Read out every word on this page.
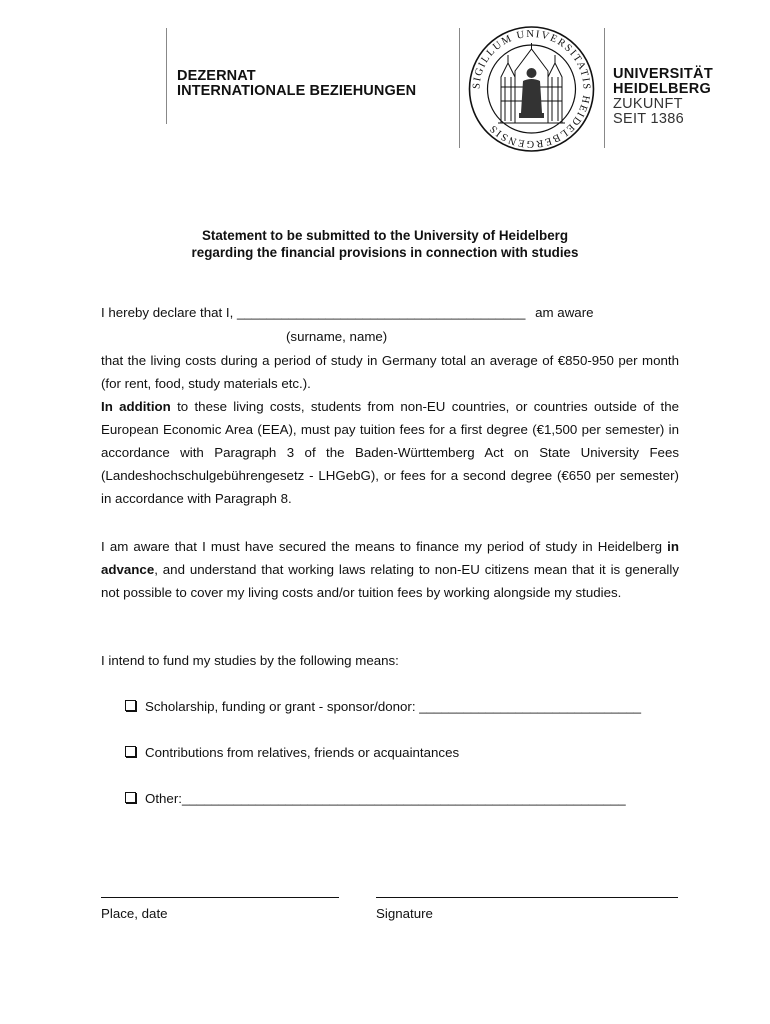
DEZERNAT
INTERNATIONALE BEZIEHUNGEN	SIGILLUM UNIVERSITATIS HEIDELBERGENSIS
UNIVERSITÄT
HEIDELBERG
ZUKUNFT
SEIT 1386
Statement to be submitted to the University of Heidelberg
regarding the financial provisions in connection with studies
I hereby declare that I, _______________________________________ am aware
(surname, name)
that the living costs during a period of study in Germany total an average of €850-950 per month (for rent, food, study materials etc.).
In addition to these living costs, students from non-EU countries, or countries outside of the European Economic Area (EEA), must pay tuition fees for a first degree (€1,500 per semester) in accordance with Paragraph 3 of the Baden-Württemberg Act on State University Fees (Landeshochschulgebührengesetz - LHGebG), or fees for a second degree (€650 per semester) in accordance with Paragraph 8.
I am aware that I must have secured the means to finance my period of study in Heidelberg in advance, and understand that working laws relating to non-EU citizens mean that it is generally not possible to cover my living costs and/or tuition fees by working alongside my studies.
I intend to fund my studies by the following means:
Scholarship, funding or grant - sponsor/donor: ______________________________
Contributions from relatives, friends or acquaintances
Other:____________________________________________________________
Place, date	Signature
